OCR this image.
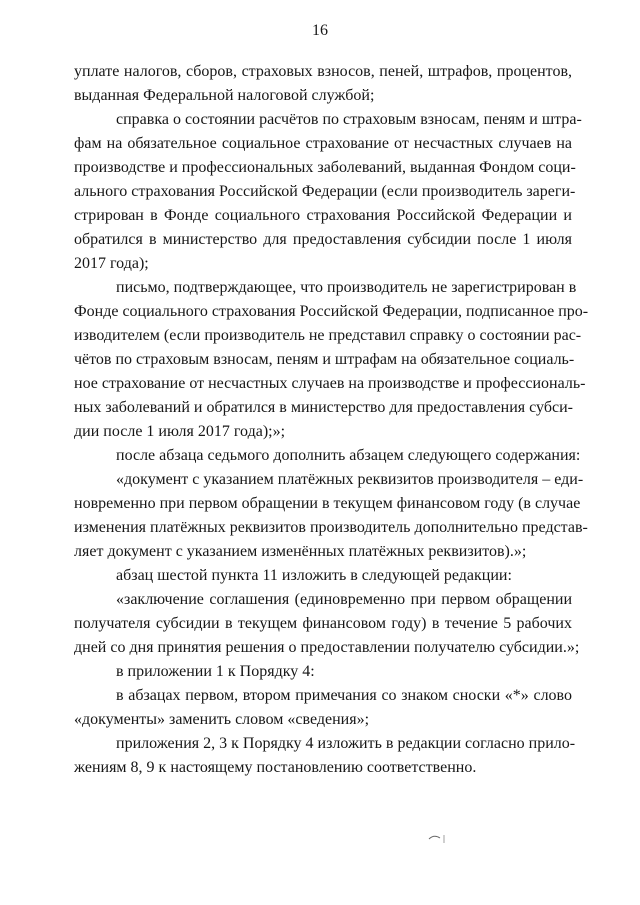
16
уплате налогов, сборов, страховых взносов, пеней, штрафов, процентов,
выданная Федеральной налоговой службой;
справка о состоянии расчётов по страховым взносам, пеням и штра-
фам на обязательное социальное страхование от несчастных случаев на
производстве и профессиональных заболеваний, выданная Фондом соци-
ального страхования Российской Федерации (если производитель зареги-
стрирован в Фонде социального страхования Российской Федерации и
обратился в министерство для предоставления субсидии после 1 июля
2017 года);
письмо, подтверждающее, что производитель не зарегистрирован в
Фонде социального страхования Российской Федерации, подписанное про-
изводителем (если производитель не представил справку о состоянии рас-
чётов по страховым взносам, пеням и штрафам на обязательное социаль-
ное страхование от несчастных случаев на производстве и профессиональ-
ных заболеваний и обратился в министерство для предоставления субси-
дии после 1 июля 2017 года);»;
после абзаца седьмого дополнить абзацем следующего содержания:
«документ с указанием платёжных реквизитов производителя – еди-
новременно при первом обращении в текущем финансовом году (в случае
изменения платёжных реквизитов производитель дополнительно представ-
ляет документ с указанием изменённых платёжных реквизитов).»;
абзац шестой пункта 11 изложить в следующей редакции:
«заключение соглашения (единовременно при первом обращении
получателя субсидии в текущем финансовом году) в течение 5 рабочих
дней со дня принятия решения о предоставлении получателю субсидии.»;
в приложении 1 к Порядку 4:
в абзацах первом, втором примечания со знаком сноски «*» слово
«документы» заменить словом «сведения»;
приложения 2, 3 к Порядку 4 изложить в редакции согласно прило-
жениям 8, 9 к настоящему постановлению соответственно.
